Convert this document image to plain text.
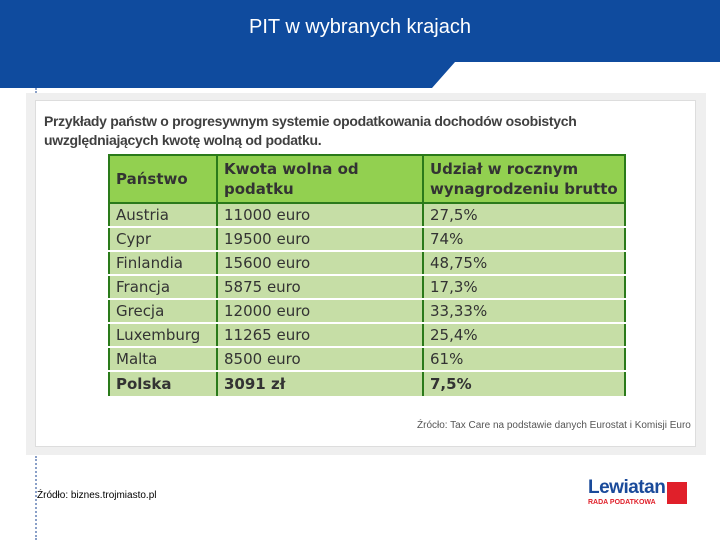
PIT w wybranych krajach
Przykłady państw o progresywnym systemie opodatkowania dochodów osobistych uwzględniających kwotę wolną od podatku.
Państwo	Kwota wolna od podatku	Udział w rocznym wynagrodzeniu brutto
Austria	11000 euro	27,5%
Cypr	19500 euro	74%
Finlandia	15600 euro	48,75%
Francja	5875 euro	17,3%
Grecja	12000 euro	33,33%
Luxemburg	11265 euro	25,4%
Malta	8500 euro	61%
Polska	3091 zł	7,5%
Źrócło: Tax Care na podstawie danych Eurostat i Komisji Euro
Źródło: biznes.trojmiasto.pl	Lewiatan
RADA PODATKOWA
